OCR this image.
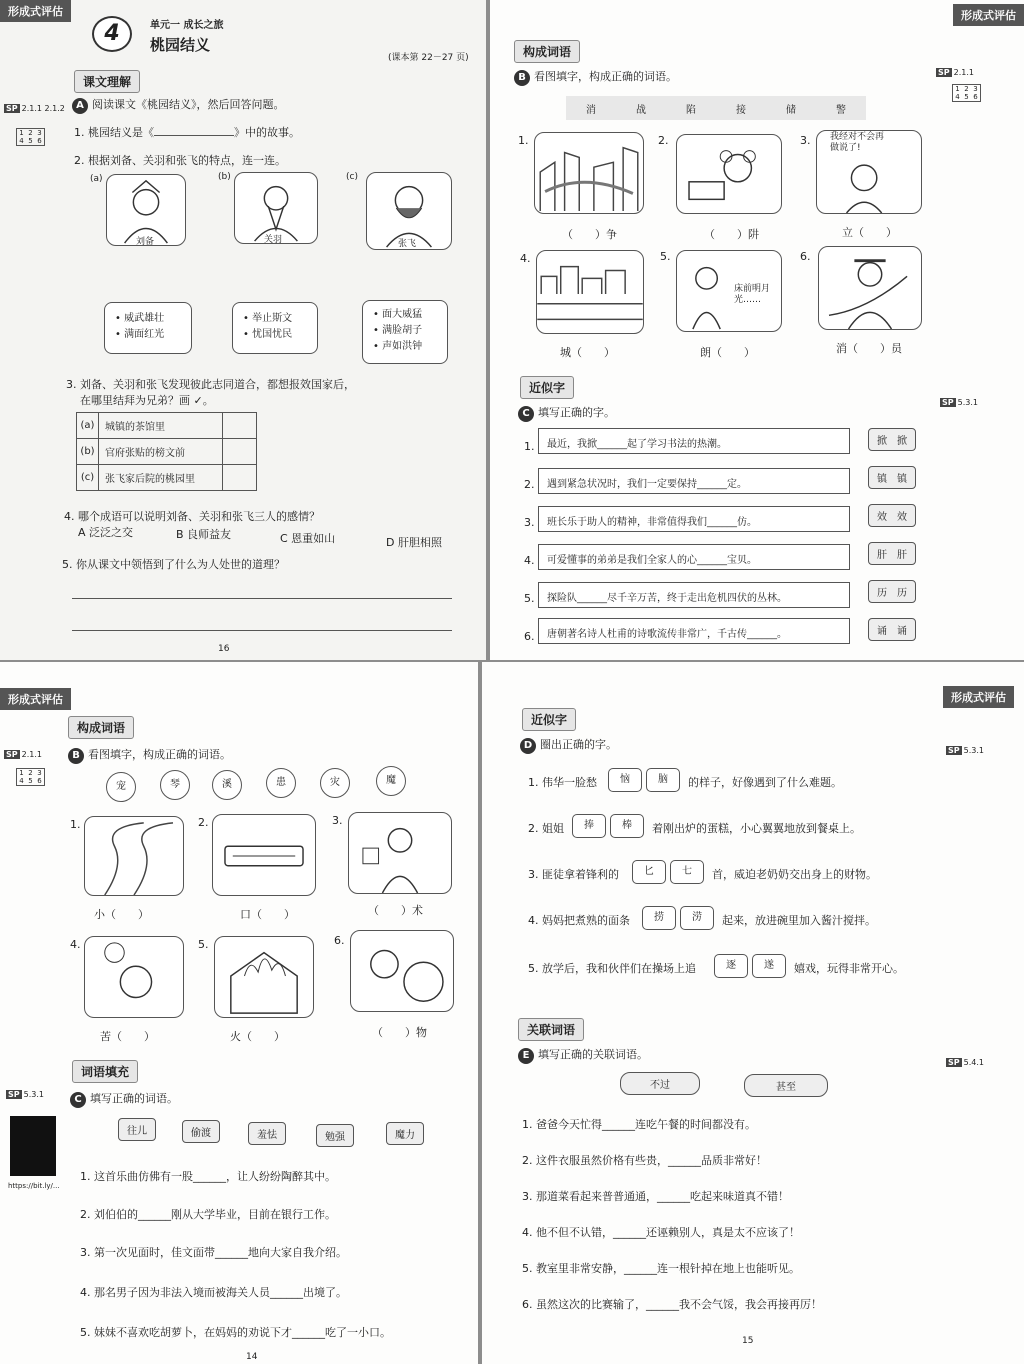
形成式评估
4	单元一 成长之旅
桃园结义
(课本第 22－27 页)
课文理解
SP 2.1.1 2.1.2
1 2 3
4 5 6
A 阅读课文《桃园结义》，然后回答问题。
1. 桃园结义是《	》中的故事。
2. 根据刘备、关羽和张飞的特点，连一连。
(a)	(b)	(c)
刘备	关羽	张飞
• 威武雄壮
• 满面红光
• 举止斯文
• 忧国忧民
• 面大威猛
• 满脸胡子
• 声如洪钟
3. 刘备、关羽和张飞发现彼此志同道合，都想报效国家后，
在哪里结拜为兄弟？画 ✓。
(a)	城镇的茶馆里	
(b)	官府张贴的榜文前	
(c)	张飞家后院的桃园里	
4. 哪个成语可以说明刘备、关羽和张飞三人的感情？
A 泛泛之交	B 良师益友	C 恩重如山	D 肝胆相照
5. 你从课文中领悟到了什么为人处世的道理？
16
形成式评估
构成词语
SP 2.1.1
1 2 3
4 5 6
B 看图填字，构成正确的词语。
消	战	陷	接	储	警
1.
（　　）争
2.
（　　）阱
3. 我经对不会再做说了!
立（　　）
4.
城（　　）
5.
床前明月光……
朗（　　）
6.
消（　　）员
近似字
SP 5.3.1
C 填写正确的字。
1.	最近，我掀______起了学习书法的热潮。	掀　掀
2.	遇到紧急状况时，我们一定要保持______定。	镇　镇
3.	班长乐于助人的精神，非常值得我们______仿。	效　效
4.	可爱懂事的弟弟是我们全家人的心______宝贝。	肝　肝
5.	探险队______尽千辛万苦，终于走出危机四伏的丛林。	历　历
6.	唐朝著名诗人杜甫的诗歌流传非常广，千古传______。	诵　诵
形成式评估
构成词语
SP 2.1.1
1 2 3
4 5 6
B 看图填字，构成正确的词语。
宠	琴	溪	患	灾	魔
1.
小（　　）
2.
口（　　）
3.
（　　）术
4.
苦（　　）
5.
火（　　）
6.
（　　）物
词语填充
SP 5.3.1	C 填写正确的词语。
往儿	偷渡	羞怯	勉强	魔力
https://bit.ly/...
1. 这首乐曲仿佛有一股______，让人纷纷陶醉其中。
2. 刘伯伯的______刚从大学毕业，目前在银行工作。
3. 第一次见面时，佳文面带______地向大家自我介绍。
4. 那名男子因为非法入境而被海关人员______出境了。
5. 妹妹不喜欢吃胡萝卜，在妈妈的劝说下才______吃了一小口。
14
形成式评估
近似字
SP 5.3.1
D 圈出正确的字。
1. 伟华一脸愁	恼	脑	的样子，好像遇到了什么难题。
2. 姐姐	捧	棒	着刚出炉的蛋糕，小心翼翼地放到餐桌上。
3. 匪徒拿着锋利的	匕	七	首，威迫老奶奶交出身上的财物。
4. 妈妈把煮熟的面条	捞	涝	起来，放进碗里加入酱汁搅拌。
5. 放学后，我和伙伴们在操场上追	逐	遂	嬉戏，玩得非常开心。
关联词语
SP 5.4.1
E 填写正确的关联词语。
不过	甚至
1. 爸爸今天忙得______连吃午餐的时间都没有。
2. 这件衣服虽然价格有些贵，______品质非常好！
3. 那道菜看起来普普通通，______吃起来味道真不错！
4. 他不但不认错，______还诬赖别人，真是太不应该了！
5. 教室里非常安静，______连一根针掉在地上也能听见。
6. 虽然这次的比赛输了，______我不会气馁，我会再接再厉！
15
